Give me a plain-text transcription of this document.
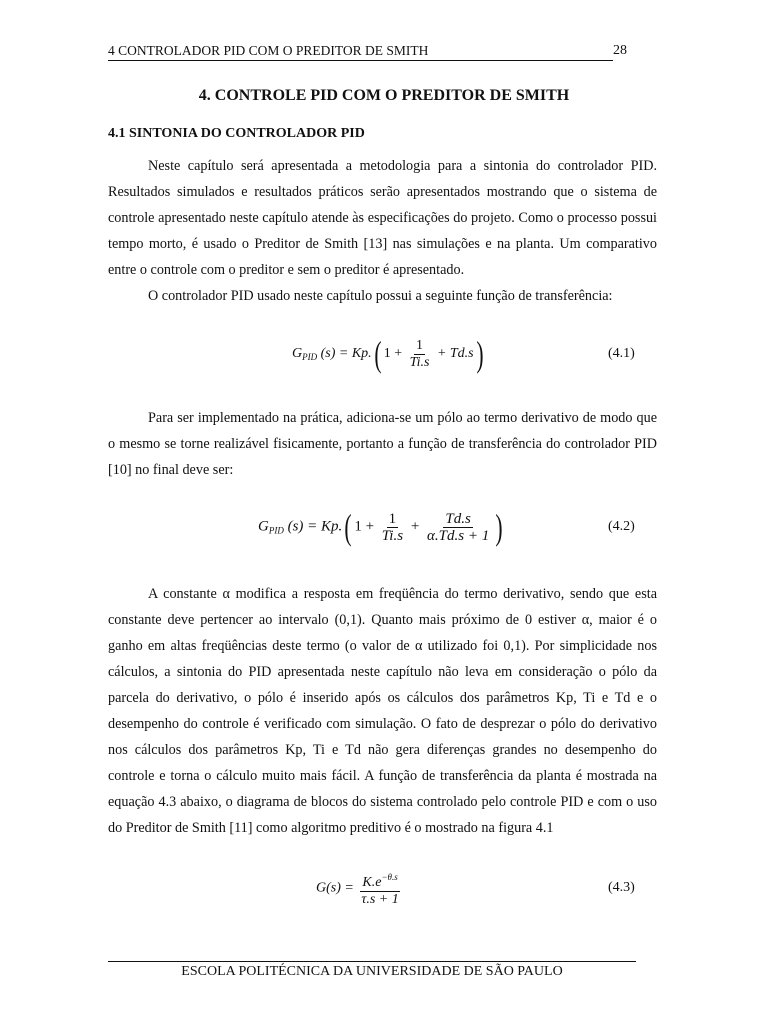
4 CONTROLADOR PID COM O PREDITOR DE SMITH	28
4. CONTROLE PID COM O PREDITOR DE SMITH
4.1 SINTONIA DO CONTROLADOR PID

Neste capítulo será apresentada a metodologia para a sintonia do controlador PID. Resultados simulados e resultados práticos serão apresentados mostrando que o sistema de controle apresentado neste capítulo atende às especificações do projeto. Como o processo possui tempo morto, é usado o Preditor de Smith [13] nas simulações e na planta. Um comparativo entre o controle com o preditor e sem o preditor é apresentado.

O controlador PID usado neste capítulo possui a seguinte função de transferência:

$G_{PID}$ (s) = Kp.( $1 + \frac{1}{Ti.s} + Td.s$)	(4.1)

Para ser implementado na prática, adiciona-se um pólo ao termo derivativo de modo que o mesmo se torne realizável fisicamente, portanto a função de transferência do controlador PID [10] no final deve ser:

$G_{PID}$ (s) = Kp.( $1 + \frac{1}{Ti.s} + \frac{Td.s}{\alpha.Td.s + 1}$ )	(4.2)

A constante α modifica a resposta em freqüência do termo derivativo, sendo que esta constante deve pertencer ao intervalo (0,1). Quanto mais próximo de 0 estiver α, maior é o ganho em altas freqüências deste termo (o valor de α utilizado foi 0,1). Por simplicidade nos cálculos, a sintonia do PID apresentada neste capítulo não leva em consideração o pólo da parcela do derivativo, o pólo é inserido após os cálculos dos parâmetros Kp, Ti e Td e o desempenho do controle é verificado com simulação. O fato de desprezar o pólo do derivativo nos cálculos dos parâmetros Kp, Ti e Td não gera diferenças grandes no desempenho do controle e torna o cálculo muito mais fácil. A função de transferência da planta é mostrada na equação 4.3 abaixo, o diagrama de blocos do sistema controlado pelo controle PID e com o uso do Preditor de Smith [11] como algoritmo preditivo é o mostrado na figura 4.1

$G(s) = \frac{K.e^{-\theta.s}}{\tau.s + 1}$	(4.3)
ESCOLA POLITÉCNICA DA UNIVERSIDADE DE SÃO PAULO
